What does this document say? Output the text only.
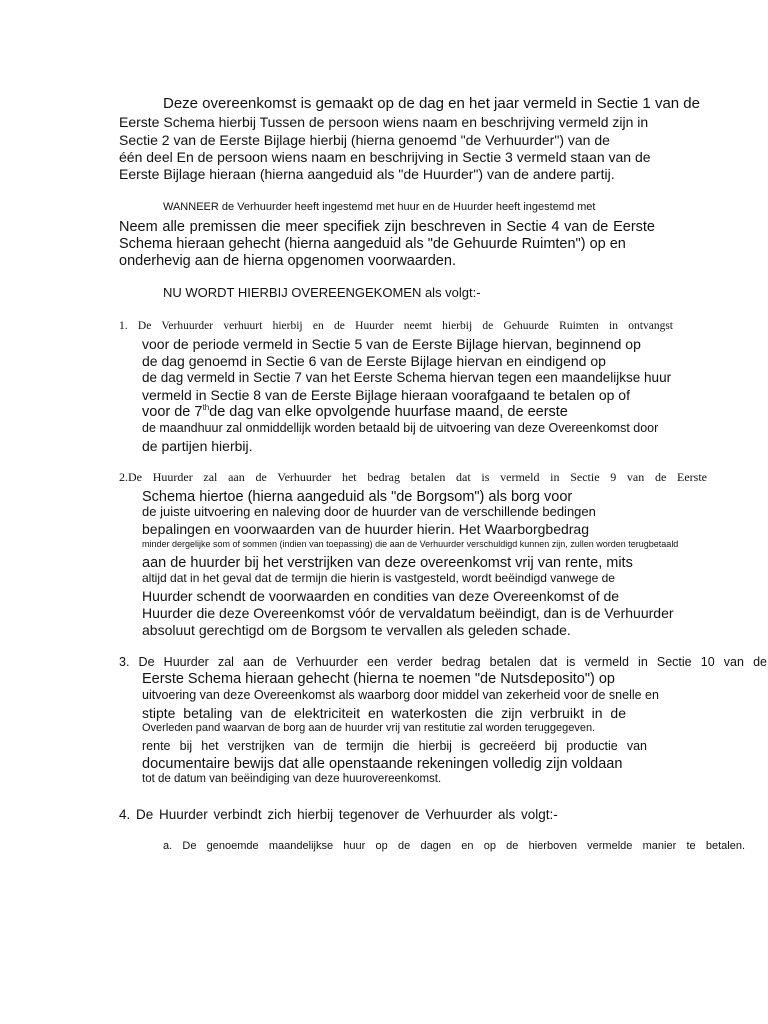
Deze overeenkomst is gemaakt op de dag en het jaar vermeld in Sectie 1 van de

Eerste Schema hierbij Tussen de persoon wiens naam en beschrijving vermeld zijn in

Sectie 2 van de Eerste Bijlage hierbij (hierna genoemd "de Verhuurder") van de

één deel En de persoon wiens naam en beschrijving in Sectie 3 vermeld staan van de

Eerste Bijlage hieraan (hierna aangeduid als "de Huurder") van de andere partij.

WANNEER de Verhuurder heeft ingestemd met huur en de Huurder heeft ingestemd met

Neem alle premissen die meer specifiek zijn beschreven in Sectie 4 van de Eerste

Schema hieraan gehecht (hierna aangeduid als "de Gehuurde Ruimten") op en

onderhevig aan de hierna opgenomen voorwaarden.

NU WORDT HIERBIJ OVEREENGEKOMEN als volgt:-

1. De Verhuurder verhuurt hierbij en de Huurder neemt hierbij de Gehuurde Ruimten in ontvangst

voor de periode vermeld in Sectie 5 van de Eerste Bijlage hiervan, beginnend op

de dag genoemd in Sectie 6 van de Eerste Bijlage hiervan en eindigend op

de dag vermeld in Sectie 7 van het Eerste Schema hiervan tegen een maandelijkse huur

vermeld in Sectie 8 van de Eerste Bijlage hieraan voorafgaand te betalen op of

voor de 7thde dag van elke opvolgende huurfase maand, de eerste

de maandhuur zal onmiddellijk worden betaald bij de uitvoering van deze Overeenkomst door

de partijen hierbij.

2.De Huurder zal aan de Verhuurder het bedrag betalen dat is vermeld in Sectie 9 van de Eerste

Schema hiertoe (hierna aangeduid als "de Borgsom") als borg voor

de juiste uitvoering en naleving door de huurder van de verschillende bedingen

bepalingen en voorwaarden van de huurder hierin. Het Waarborgbedrag

minder dergelijke som of sommen (indien van toepassing) die aan de Verhuurder verschuldigd kunnen zijn, zullen worden terugbetaald

aan de huurder bij het verstrijken van deze overeenkomst vrij van rente, mits

altijd dat in het geval dat de termijn die hierin is vastgesteld, wordt beëindigd vanwege de

Huurder schendt de voorwaarden en condities van deze Overeenkomst of de

Huurder die deze Overeenkomst vóór de vervaldatum beëindigt, dan is de Verhuurder

absoluut gerechtigd om de Borgsom te vervallen als geleden schade.

3. De Huurder zal aan de Verhuurder een verder bedrag betalen dat is vermeld in Sectie 10 van de

Eerste Schema hieraan gehecht (hierna te noemen "de Nutsdeposito") op

uitvoering van deze Overeenkomst als waarborg door middel van zekerheid voor de snelle en

stipte betaling van de elektriciteit en waterkosten die zijn verbruikt in de

Overleden pand waarvan de borg aan de huurder vrij van restitutie zal worden teruggegeven.

rente bij het verstrijken van de termijn die hierbij is gecreëerd bij productie van

documentaire bewijs dat alle openstaande rekeningen volledig zijn voldaan

tot de datum van beëindiging van deze huurovereenkomst.

4. De Huurder verbindt zich hierbij tegenover de Verhuurder als volgt:-

a. De genoemde maandelijkse huur op de dagen en op de hierboven vermelde manier te betalen.
